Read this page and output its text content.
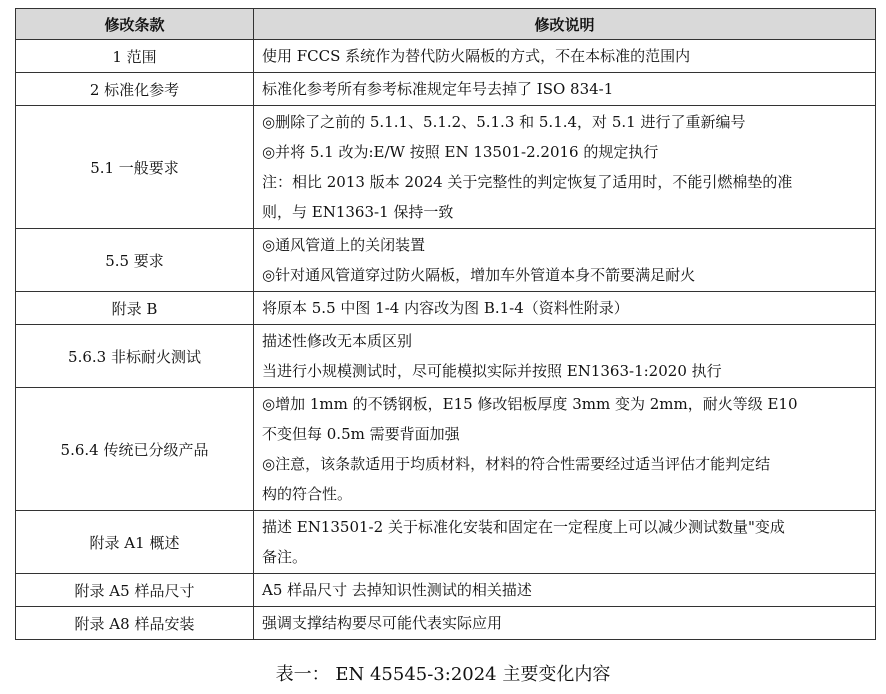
修改条款	修改说明
1 范围	使用 FCCS 系统作为替代防火隔板的方式，不在本标准的范围内

2 标准化参考	标准化参考所有参考标准规定年号去掉了 ISO 834-1

5.1 一般要求	◎删除了之前的 5.1.1、5.1.2、5.1.3 和 5.1.4，对 5.1 进行了重新编号
◎并将 5.1 改为:E/W 按照 EN 13501-2.2016 的规定执行
注：相比 2013 版本 2024 关于完整性的判定恢复了适用时，不能引燃棉垫的准
则，与 EN1363-1 保持一致

5.5 要求	◎通风管道上的关闭装置
◎针对通风管道穿过防火隔板，增加车外管道本身不箭要满足耐火

附录 B	将原本 5.5 中图 1-4 内容改为图 B.1-4（资料性附录）

5.6.3 非标耐火测试	描述性修改无本质区别
当进行小规模测试时，尽可能模拟实际并按照 EN1363-1:2020 执行

5.6.4 传统已分级产品	◎增加 1mm 的不锈钢板，E15 修改铝板厚度 3mm 变为 2mm，耐火等级 E10
不变但每 0.5m 需要背面加强
◎注意，该条款适用于均质材料，材料的符合性需要经过适当评估才能判定结
构的符合性。

附录 A1 概述	描述 EN13501-2 关于标准化安装和固定在一定程度上可以减少测试数量"变成
备注。

附录 A5 样品尺寸	A5 样品尺寸 去掉知识性测试的相关描述

附录 A8 样品安装	强调支撑结构要尽可能代表实际应用
表一： EN 45545-3:2024 主要变化内容
